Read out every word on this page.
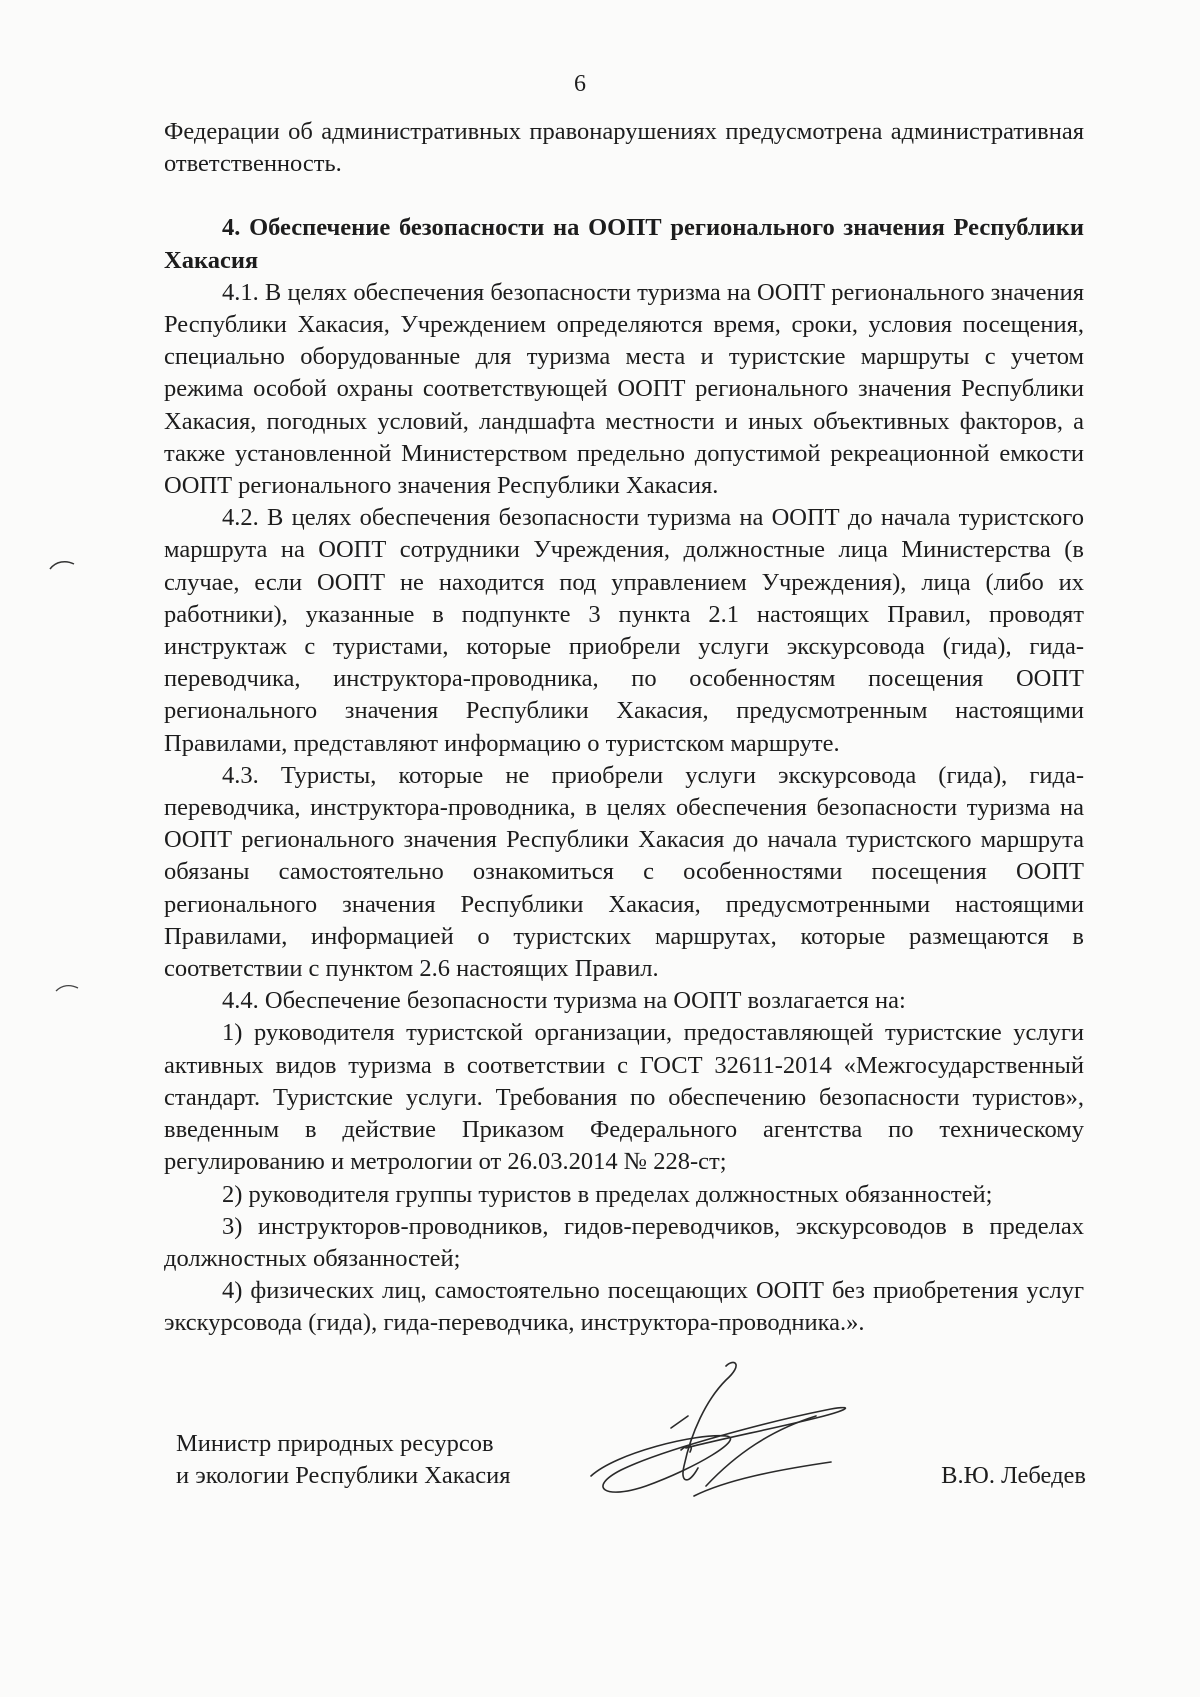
6

Федерации об административных правонарушениях предусмотрена административная ответственность.

4. Обеспечение безопасности на ООПТ регионального значения Республики Хакасия

4.1. В целях обеспечения безопасности туризма на ООПТ регионального значения Республики Хакасия, Учреждением определяются время, сроки, условия посещения, специально оборудованные для туризма места и туристские маршруты с учетом режима особой охраны соответствующей ООПТ регионального значения Республики Хакасия, погодных условий, ландшафта местности и иных объективных факторов, а также установленной Министерством предельно допустимой рекреационной емкости ООПТ регионального значения Республики Хакасия.

4.2. В целях обеспечения безопасности туризма на ООПТ до начала туристского маршрута на ООПТ сотрудники Учреждения, должностные лица Министерства (в случае, если ООПТ не находится под управлением Учреждения), лица (либо их работники), указанные в подпункте 3 пункта 2.1 настоящих Правил, проводят инструктаж с туристами, которые приобрели услуги экскурсовода (гида), гида-переводчика, инструктора-проводника, по особенностям посещения ООПТ регионального значения Республики Хакасия, предусмотренным настоящими Правилами, представляют информацию о туристском маршруте.

4.3. Туристы, которые не приобрели услуги экскурсовода (гида), гида-переводчика, инструктора-проводника, в целях обеспечения безопасности туризма на ООПТ регионального значения Республики Хакасия до начала туристского маршрута обязаны самостоятельно ознакомиться с особенностями посещения ООПТ регионального значения Республики Хакасия, предусмотренными настоящими Правилами, информацией о туристских маршрутах, которые размещаются в соответствии с пунктом 2.6 настоящих Правил.

4.4. Обеспечение безопасности туризма на ООПТ возлагается на:

1) руководителя туристской организации, предоставляющей туристские услуги активных видов туризма в соответствии с ГОСТ 32611-2014 «Межгосударственный стандарт. Туристские услуги. Требования по обеспечению безопасности туристов», введенным в действие Приказом Федерального агентства по техническому регулированию и метрологии от 26.03.2014 № 228-ст;

2) руководителя группы туристов в пределах должностных обязанностей;

3) инструкторов-проводников, гидов-переводчиков, экскурсоводов в пределах должностных обязанностей;

4) физических лиц, самостоятельно посещающих ООПТ без приобретения услуг экскурсовода (гида), гида-переводчика, инструктора-проводника.».

Министр природных ресурсов
и экологии Республики Хакасия	В.Ю. Лебедев
